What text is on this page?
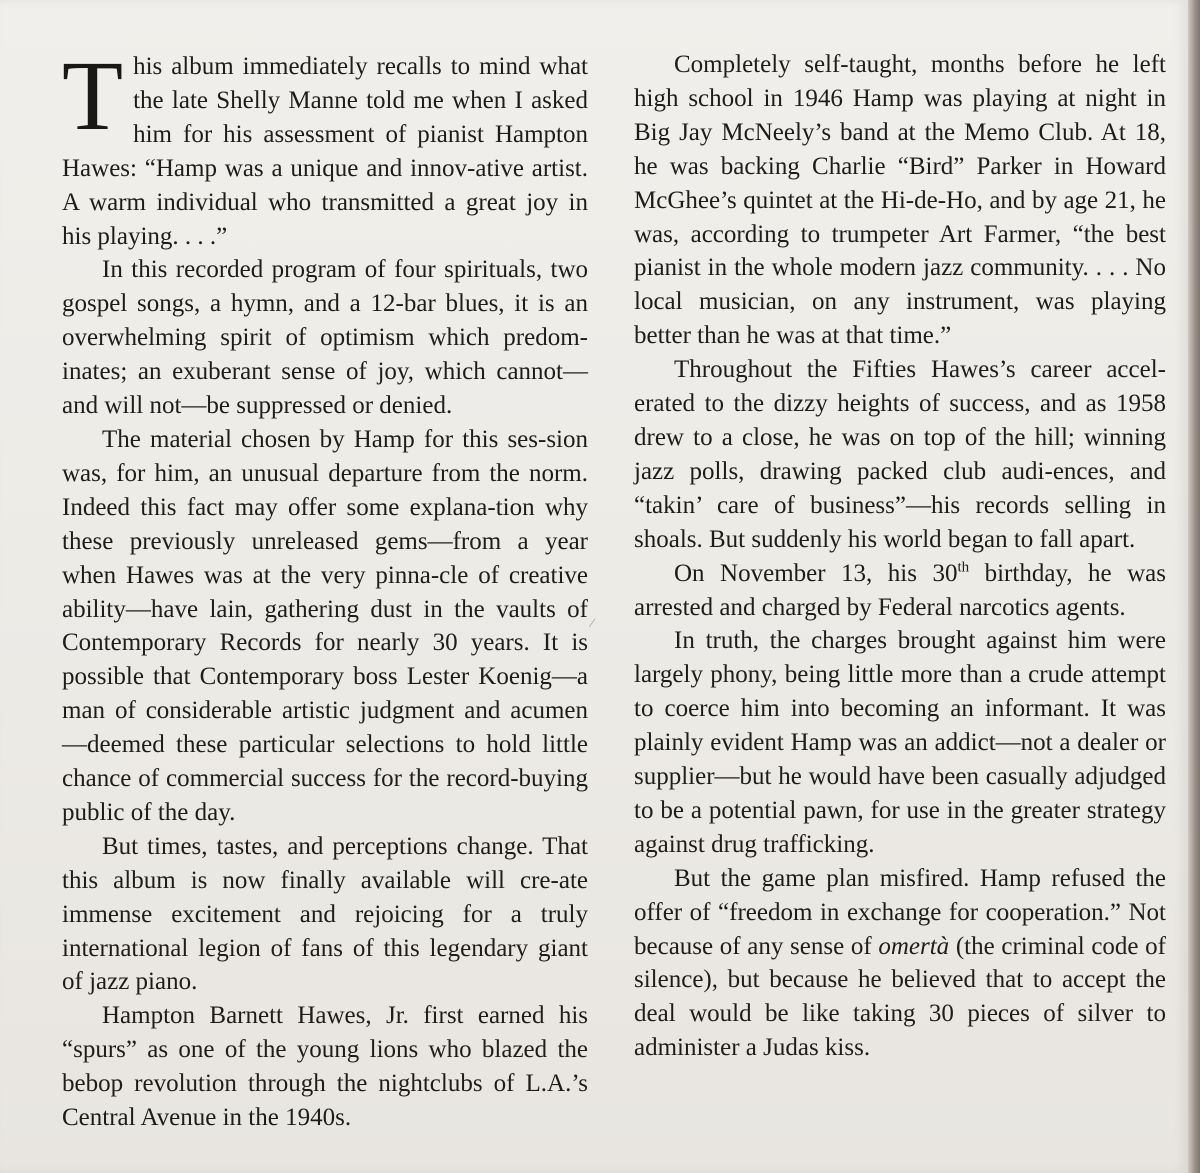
This album immediately recalls to mind what the late Shelly Manne told me when I asked him for his assessment of pianist Hampton Hawes: “Hamp was a unique and innov-ative artist. A warm individual who transmitted a great joy in his playing. . . .”

In this recorded program of four spirituals, two gospel songs, a hymn, and a 12-bar blues, it is an overwhelming spirit of optimism which predom-inates; an exuberant sense of joy, which cannot—and will not—be suppressed or denied.

The material chosen by Hamp for this ses-sion was, for him, an unusual departure from the norm. Indeed this fact may offer some explana-tion why these previously unreleased gems—from a year when Hawes was at the very pinna-cle of creative ability—have lain, gathering dust in the vaults of Contemporary Records for nearly 30 years. It is possible that Contemporary boss Lester Koenig—a man of considerable artistic judgment and acumen—deemed these particular selections to hold little chance of commercial success for the record-buying public of the day.

But times, tastes, and perceptions change. That this album is now finally available will cre-ate immense excitement and rejoicing for a truly international legion of fans of this legendary giant of jazz piano.

Hampton Barnett Hawes, Jr. first earned his “spurs” as one of the young lions who blazed the bebop revolution through the nightclubs of L.A.’s Central Avenue in the 1940s.

Completely self-taught, months before he left high school in 1946 Hamp was playing at night in Big Jay McNeely’s band at the Memo Club. At 18, he was backing Charlie “Bird” Parker in Howard McGhee’s quintet at the Hi-de-Ho, and by age 21, he was, according to trumpeter Art Farmer, “the best pianist in the whole modern jazz community. . . . No local musician, on any instrument, was playing better than he was at that time.”

Throughout the Fifties Hawes’s career accel-erated to the dizzy heights of success, and as 1958 drew to a close, he was on top of the hill; winning jazz polls, drawing packed club audi-ences, and “takin’ care of business”—his records selling in shoals. But suddenly his world began to fall apart.

On November 13, his 30th birthday, he was arrested and charged by Federal narcotics agents.

In truth, the charges brought against him were largely phony, being little more than a crude attempt to coerce him into becoming an informant. It was plainly evident Hamp was an addict—not a dealer or supplier—but he would have been casually adjudged to be a potential pawn, for use in the greater strategy against drug trafficking.

But the game plan misfired. Hamp refused the offer of “freedom in exchange for cooperation.” Not because of any sense of omertà (the criminal code of silence), but because he believed that to accept the deal would be like taking 30 pieces of silver to administer a Judas kiss.
